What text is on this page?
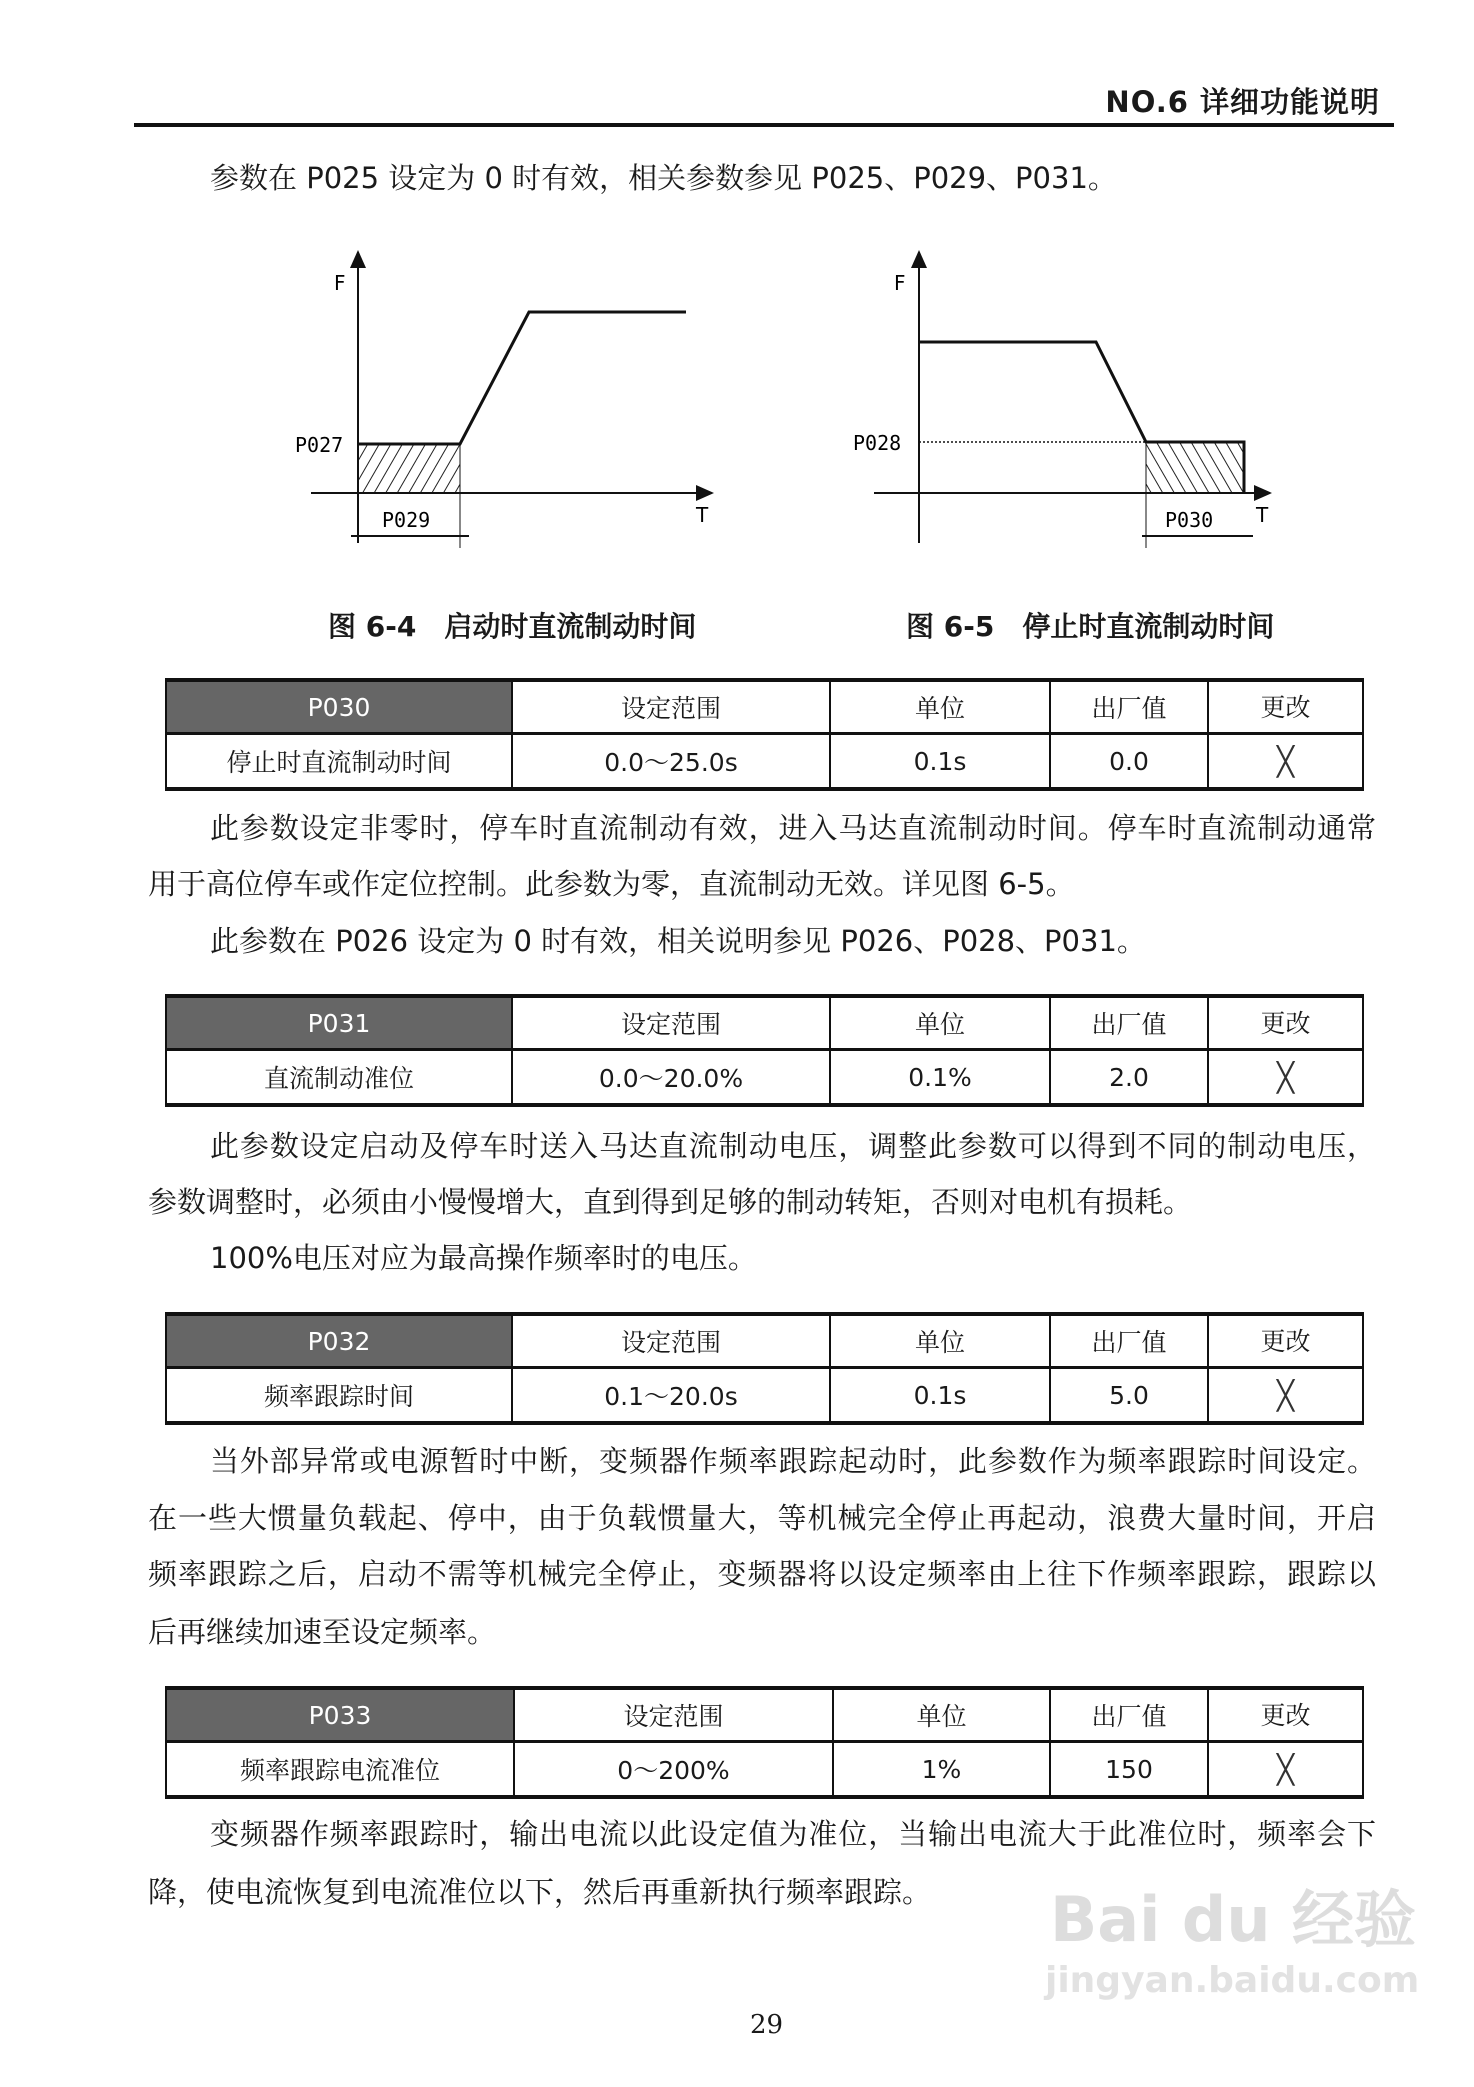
NO.6 详细功能说明
F
T
P027
P029
F
T
P028
P030
图 6-4　启动时直流制动时间	图 6-5　停止时直流制动时间
参数在 P025 设定为 0 时有效，相关参数参见 P025、P029、P031。
P030
停止时直流制动时间
设定范围
0.0～25.0s
单位
0.1s
出厂值
0.0
更改
╳
P031
直流制动准位
设定范围
0.0～20.0%
单位
0.1%
出厂值
2.0
更改
╳
P032
频率跟踪时间
设定范围
0.1～20.0s
单位
0.1s
出厂值
5.0
更改
╳
P033
频率跟踪电流准位
设定范围
0～200%
单位
1%
出厂值
150
更改
╳
此参数设定非零时，停车时直流制动有效，进入马达直流制动时间。停车时直流制动通常
用于高位停车或作定位控制。此参数为零，直流制动无效。详见图 6-5。
此参数在 P026 设定为 0 时有效，相关说明参见 P026、P028、P031。
此参数设定启动及停车时送入马达直流制动电压，调整此参数可以得到不同的制动电压，
参数调整时，必须由小慢慢增大，直到得到足够的制动转矩，否则对电机有损耗。
100%电压对应为最高操作频率时的电压。
当外部异常或电源暂时中断，变频器作频率跟踪起动时，此参数作为频率跟踪时间设定。
在一些大惯量负载起、停中，由于负载惯量大，等机械完全停止再起动，浪费大量时间，开启
频率跟踪之后，启动不需等机械完全停止，变频器将以设定频率由上往下作频率跟踪，跟踪以
后再继续加速至设定频率。
变频器作频率跟踪时，输出电流以此设定值为准位，当输出电流大于此准位时，频率会下
降，使电流恢复到电流准位以下，然后再重新执行频率跟踪。
29
Bai du 经验
jingyan.baidu.com
